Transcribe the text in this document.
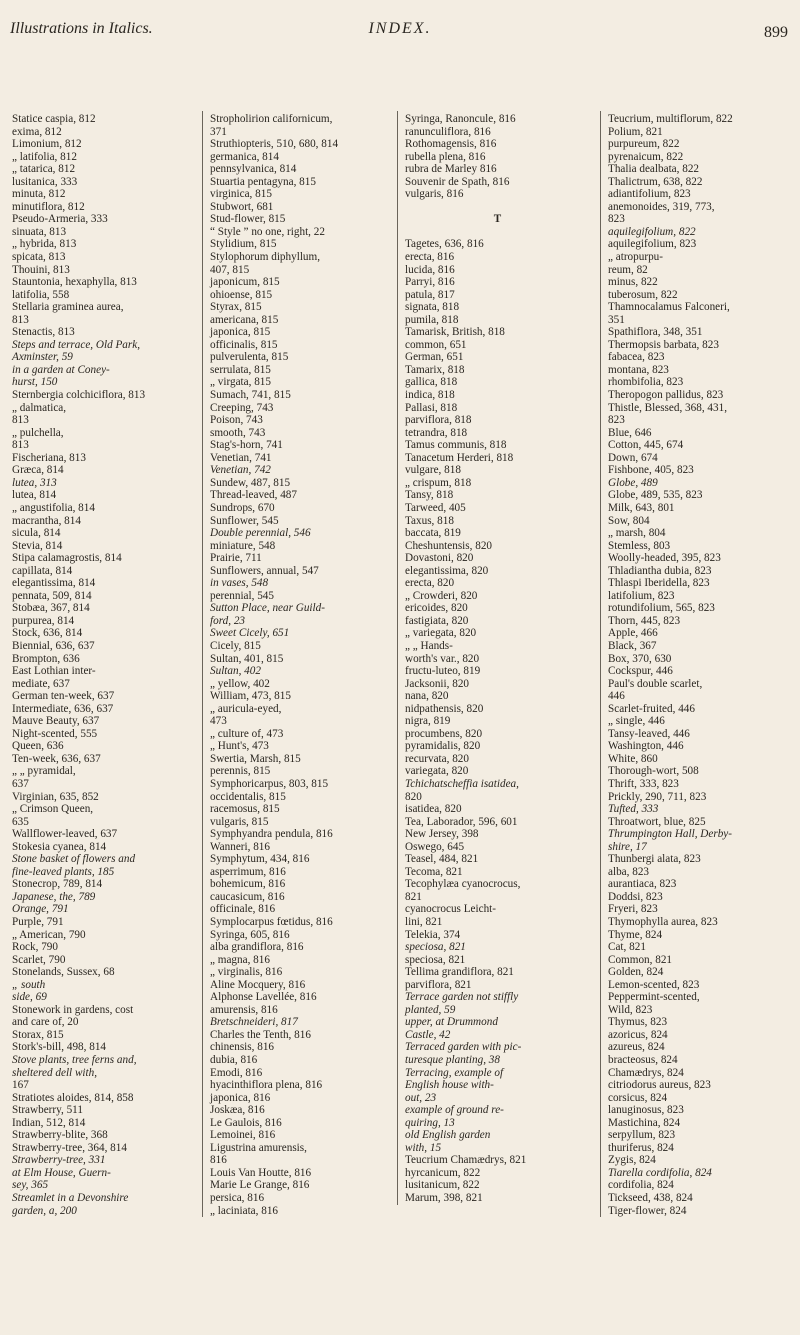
Illustrations in Italics.	INDEX.	899
Statice caspia, 812
exima, 812
Limonium, 812
„ latifolia, 812
„ tatarica, 812
lusitanica, 333
minuta, 812
minutiflora, 812
Pseudo-Armeria, 333
sinuata, 813
„ hybrida, 813
spicata, 813
Thouini, 813
Stauntonia, hexaphylla, 813
latifolia, 558
Stellaria graminea aurea,
813
Stenactis, 813
Steps and terrace, Old Park,
Axminster, 59
in a garden at Coney-
hurst, 150
Sternbergia colchiciflora, 813
„ dalmatica,
813
„ pulchella,
813
Fischeriana, 813
Græca, 814
lutea, 313
lutea, 814
„ angustifolia, 814
macrantha, 814
sicula, 814
Stevia, 814
Stipa calamagrostis, 814
capillata, 814
elegantissima, 814
pennata, 509, 814
Stobæa, 367, 814
purpurea, 814
Stock, 636, 814
Biennial, 636, 637
Brompton, 636
East Lothian inter-
mediate, 637
German ten-week, 637
Intermediate, 636, 637
Mauve Beauty, 637
Night-scented, 555
Queen, 636
Ten-week, 636, 637
„ „ pyramidal,
637
Virginian, 635, 852
„ Crimson Queen,
635
Wallflower-leaved, 637
Stokesia cyanea, 814
Stone basket of flowers and
fine-leaved plants, 185
Stonecrop, 789, 814
Japanese, the, 789
Orange, 791
Purple, 791
„ American, 790
Rock, 790
Scarlet, 790
Stonelands, Sussex, 68
„ south
side, 69
Stonework in gardens, cost
and care of, 20
Storax, 815
Stork's-bill, 498, 814
Stove plants, tree ferns and,
sheltered dell with,
167
Stratiotes aloides, 814, 858
Strawberry, 511
Indian, 512, 814
Strawberry-blite, 368
Strawberry-tree, 364, 814
Strawberry-tree, 331
at Elm House, Guern-
sey, 365
Streamlet in a Devonshire
garden, a, 200
Stropholirion californicum,
371
Struthiopteris, 510, 680, 814
germanica, 814
pennsylvanica, 814
Stuartia pentagyna, 815
virginica, 815
Stubwort, 681
Stud-flower, 815
“ Style ” no one, right, 22
Stylidium, 815
Stylophorum diphyllum,
407, 815
japonicum, 815
ohioense, 815
Styrax, 815
americana, 815
japonica, 815
officinalis, 815
pulverulenta, 815
serrulata, 815
„ virgata, 815
Sumach, 741, 815
Creeping, 743
Poison, 743
smooth, 743
Stag's-horn, 741
Venetian, 741
Venetian, 742
Sundew, 487, 815
Thread-leaved, 487
Sundrops, 670
Sunflower, 545
Double perennial, 546
miniature, 548
Prairie, 711
Sunflowers, annual, 547
in vases, 548
perennial, 545
Sutton Place, near Guild-
ford, 23
Sweet Cicely, 651
Cicely, 815
Sultan, 401, 815
Sultan, 402
„ yellow, 402
William, 473, 815
„ auricula-eyed,
473
„ culture of, 473
„ Hunt's, 473
Swertia, Marsh, 815
perennis, 815
Symphoricarpus, 803, 815
occidentalis, 815
racemosus, 815
vulgaris, 815
Symphyandra pendula, 816
Wanneri, 816
Symphytum, 434, 816
asperrimum, 816
bohemicum, 816
caucasicum, 816
officinale, 816
Symplocarpus fœtidus, 816
Syringa, 605, 816
alba grandiflora, 816
„ magna, 816
„ virginalis, 816
Aline Mocquery, 816
Alphonse Lavellée, 816
amurensis, 816
Bretschneideri, 817
Charles the Tenth, 816
chinensis, 816
dubia, 816
Emodi, 816
hyacinthiflora plena, 816
japonica, 816
Joskæa, 816
Le Gaulois, 816
Lemoinei, 816
Ligustrina amurensis,
816
Louis Van Houtte, 816
Marie Le Grange, 816
persica, 816
„ laciniata, 816
Syringa, Ranoncule, 816
ranunculiflora, 816
Rothomagensis, 816
rubella plena, 816
rubra de Marley 816
Souvenir de Spath, 816
vulgaris, 816

T

Tagetes, 636, 816
erecta, 816
lucida, 816
Parryi, 816
patula, 817
signata, 818
pumila, 818
Tamarisk, British, 818
common, 651
German, 651
Tamarix, 818
gallica, 818
indica, 818
Pallasi, 818
parviflora, 818
tetrandra, 818
Tamus communis, 818
Tanacetum Herderi, 818
vulgare, 818
„ crispum, 818
Tansy, 818
Tarweed, 405
Taxus, 818
baccata, 819
Cheshuntensis, 820
Dovastoni, 820
elegantissima, 820
erecta, 820
„ Crowderi, 820
ericoides, 820
fastigiata, 820
„ variegata, 820
„ „ Hands-
worth's var., 820
fructu-luteo, 819
Jacksonii, 820
nana, 820
nidpathensis, 820
nigra, 819
procumbens, 820
pyramidalis, 820
recurvata, 820
variegata, 820
Tchichatscheffia isatidea,
820
isatidea, 820
Tea, Laborador, 596, 601
New Jersey, 398
Oswego, 645
Teasel, 484, 821
Tecoma, 821
Tecophylæa cyanocrocus,
821
cyanocrocus Leicht-
lini, 821
Telekia, 374
speciosa, 821
speciosa, 821
Tellima grandiflora, 821
parviflora, 821
Terrace garden not stiffly
planted, 59
upper, at Drummond
Castle, 42
Terraced garden with pic-
turesque planting, 38
Terracing, example of
English house with-
out, 23
example of ground re-
quiring, 13
old English garden
with, 15
Teucrium Chamædrys, 821
hyrcanicum, 822
lusitanicum, 822
Marum, 398, 821
Teucrium, multiflorum, 822
Polium, 821
purpureum, 822
pyrenaicum, 822
Thalia dealbata, 822
Thalictrum, 638, 822
adiantifolium, 823
anemonoides, 319, 773,
823
aquilegifolium, 822
aquilegifolium, 823
„ atropurpu-
reum, 82
minus, 822
tuberosum, 822
Thamnocalamus Falconeri,
351
Spathiflora, 348, 351
Thermopsis barbata, 823
fabacea, 823
montana, 823
rhombifolia, 823
Theropogon pallidus, 823
Thistle, Blessed, 368, 431,
823
Blue, 646
Cotton, 445, 674
Down, 674
Fishbone, 405, 823
Globe, 489
Globe, 489, 535, 823
Milk, 643, 801
Sow, 804
„ marsh, 804
Stemless, 803
Woolly-headed, 395, 823
Thladiantha dubia, 823
Thlaspi Iberidella, 823
latifolium, 823
rotundifolium, 565, 823
Thorn, 445, 823
Apple, 466
Black, 367
Box, 370, 630
Cockspur, 446
Paul's double scarlet,
446
Scarlet-fruited, 446
„ single, 446
Tansy-leaved, 446
Washington, 446
White, 860
Thorough-wort, 508
Thrift, 333, 823
Prickly, 290, 711, 823
Tufted, 333
Throatwort, blue, 825
Thrumpington Hall, Derby-
shire, 17
Thunbergi alata, 823
alba, 823
aurantiaca, 823
Doddsi, 823
Fryeri, 823
Thymophylla aurea, 823
Thyme, 824
Cat, 821
Common, 821
Golden, 824
Lemon-scented, 823
Peppermint-scented,
Wild, 823
Thymus, 823
azoricus, 824
azureus, 824
bracteosus, 824
Chamædrys, 824
citriodorus aureus, 823
corsicus, 824
lanuginosus, 823
Mastichina, 824
serpyllum, 823
thuriferus, 824
Zygis, 824
Tiarella cordifolia, 824
cordifolia, 824
Tickseed, 438, 824
Tiger-flower, 824
